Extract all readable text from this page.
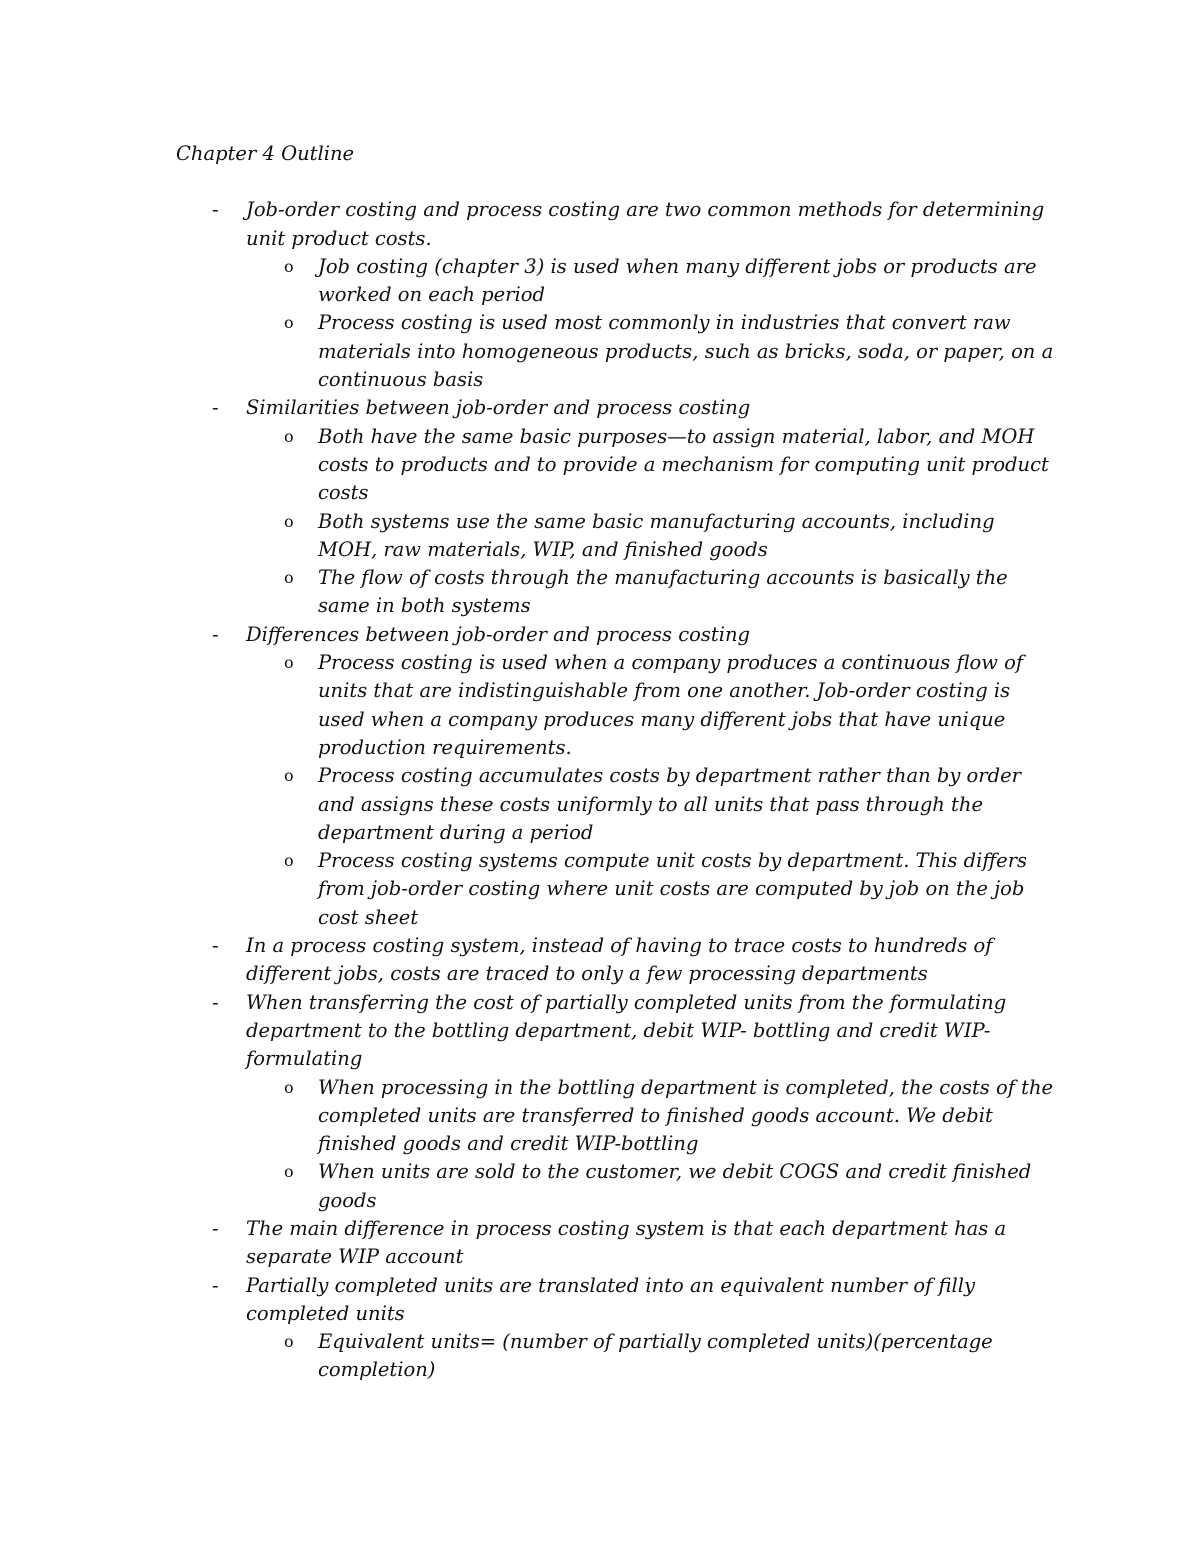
Chapter 4 Outline
- Job-order costing and process costing are two common methods for determining unit product costs.
o Job costing (chapter 3) is used when many different jobs or products are worked on each period
o Process costing is used most commonly in industries that convert raw materials into homogeneous products, such as bricks, soda, or paper, on a continuous basis
- Similarities between job-order and process costing
o Both have the same basic purposes—to assign material, labor, and MOH costs to products and to provide a mechanism for computing unit product costs
o Both systems use the same basic manufacturing accounts, including MOH, raw materials, WIP, and finished goods
o The flow of costs through the manufacturing accounts is basically the same in both systems
- Differences between job-order and process costing
o Process costing is used when a company produces a continuous flow of units that are indistinguishable from one another. Job-order costing is used when a company produces many different jobs that have unique production requirements.
o Process costing accumulates costs by department rather than by order and assigns these costs uniformly to all units that pass through the department during a period
o Process costing systems compute unit costs by department. This differs from job-order costing where unit costs are computed by job on the job cost sheet
- In a process costing system, instead of having to trace costs to hundreds of different jobs, costs are traced to only a few processing departments
- When transferring the cost of partially completed units from the formulating department to the bottling department, debit WIP- bottling and credit WIP-formulating
o When processing in the bottling department is completed, the costs of the completed units are transferred to finished goods account. We debit finished goods and credit WIP-bottling
o When units are sold to the customer, we debit COGS and credit finished goods
- The main difference in process costing system is that each department has a separate WIP account
- Partially completed units are translated into an equivalent number of filly completed units
o Equivalent units= (number of partially completed units)(percentage completion)
